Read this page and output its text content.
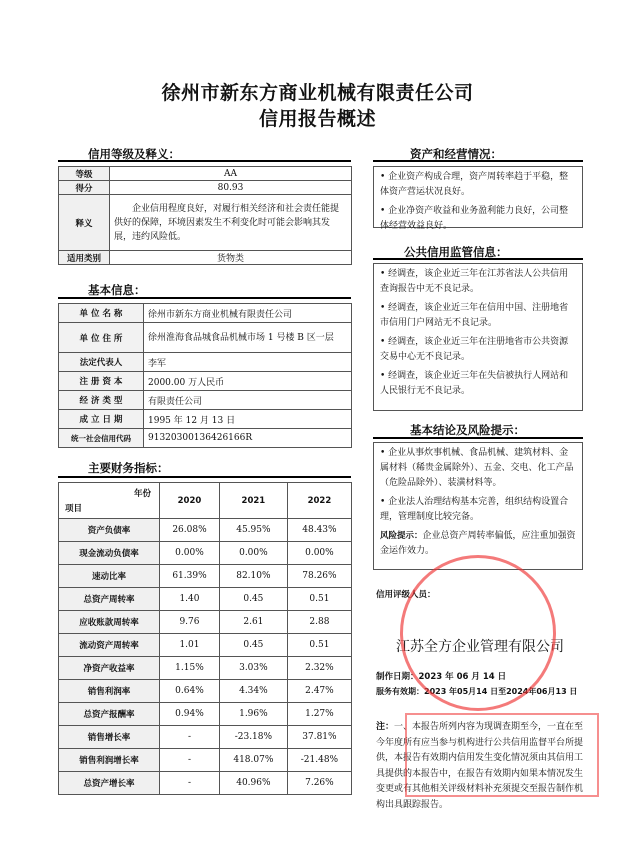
徐州市新东方商业机械有限责任公司
信用报告概述
信用等级及释义：
等级	AA
得分	80.93
释义	企业信用程度良好，对履行相关经济和社会责任能提供好的保障，环境因素发生不利变化时可能会影响其发展，违约风险低。
适用类别	货物类
基本信息：
单 位 名 称	徐州市新东方商业机械有限责任公司
单 位 住 所	徐州淮海食品城食品机械市场 1 号楼 B 区一层
法定代表人	李军
注 册 资 本	2000.00 万人民币
经 济 类 型	有限责任公司
成 立 日 期	1995 年 12 月 13 日
统一社会信用代码	91320300136426166R
主要财务指标：
年份
项目	2020	2021	2022
资产负债率	26.08%	45.95%	48.43%
现金流动负债率	0.00%	0.00%	0.00%
速动比率	61.39%	82.10%	78.26%
总资产周转率	1.40	0.45	0.51
应收账款周转率	9.76	2.61	2.88
流动资产周转率	1.01	0.45	0.51
净资产收益率	1.15%	3.03%	2.32%
销售利润率	0.64%	4.34%	2.47%
总资产报酬率	0.94%	1.96%	1.27%
销售增长率	-	-23.18%	37.81%
销售利润增长率	-	418.07%	-21.48%
总资产增长率	-	40.96%	7.26%
资产和经营情况：
• 企业资产构成合理，资产周转率趋于平稳，整体资产营运状况良好。
• 企业净资产收益和业务盈利能力良好，公司整体经营效益良好。
公共信用监管信息：
• 经调查，该企业近三年在江苏省法人公共信用查询报告中无不良记录。
• 经调查，该企业近三年在信用中国、注册地省市信用门户网站无不良记录。
• 经调查，该企业近三年在注册地省市公共资源交易中心无不良记录。
• 经调查，该企业近三年在失信被执行人网站和人民银行无不良记录。
基本结论及风险提示：
• 企业从事炊事机械、食品机械、建筑材料、金属材料（稀贵金属除外）、五金、交电、化工产品（危险品除外）、装潢材料等。
• 企业法人治理结构基本完善，组织结构设置合理，管理制度比较完备。
风险提示：企业总资产周转率偏低，应注重加强资金运作效力。
信用评级人员：
江苏全方企业管理有限公司
制作日期：2023 年 06 月 14 日
服务有效期：2023 年05月14 日至2024年06月13 日
注：一、本报告所列内容为现调查期至今，一直在至今年度所有应当参与机构进行公共信用监督平台所提供，本报告有效期内信用发生变化情况须由其信用工具提供的本报告中，在报告有效期内如果本情况发生变更或有其他相关评级材料补充须提交至报告制作机构出具跟踪报告。
